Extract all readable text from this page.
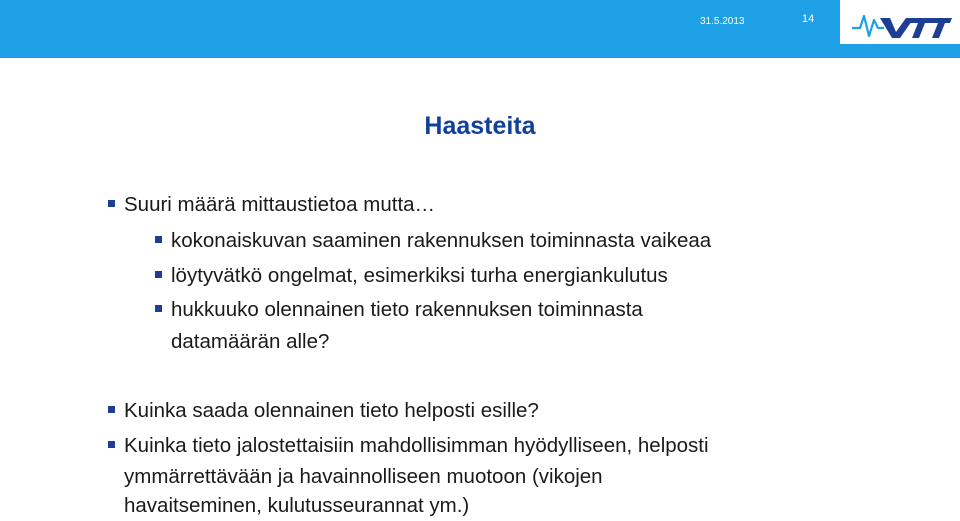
31.5.2013	14
Haasteita
Suuri määrä mittaustietoa mutta…
kokonaiskuvan saaminen rakennuksen toiminnasta vaikeaa
löytyvätkö ongelmat, esimerkiksi turha energiankulutus
hukkuuko olennainen tieto rakennuksen toiminnasta
datamäärän alle?
Kuinka saada olennainen tieto helposti esille?
Kuinka tieto jalostettaisiin mahdollisimman hyödylliseen, helposti
ymmärrettävään ja havainnolliseen muotoon (vikojen
havaitseminen, kulutusseurannat ym.)
